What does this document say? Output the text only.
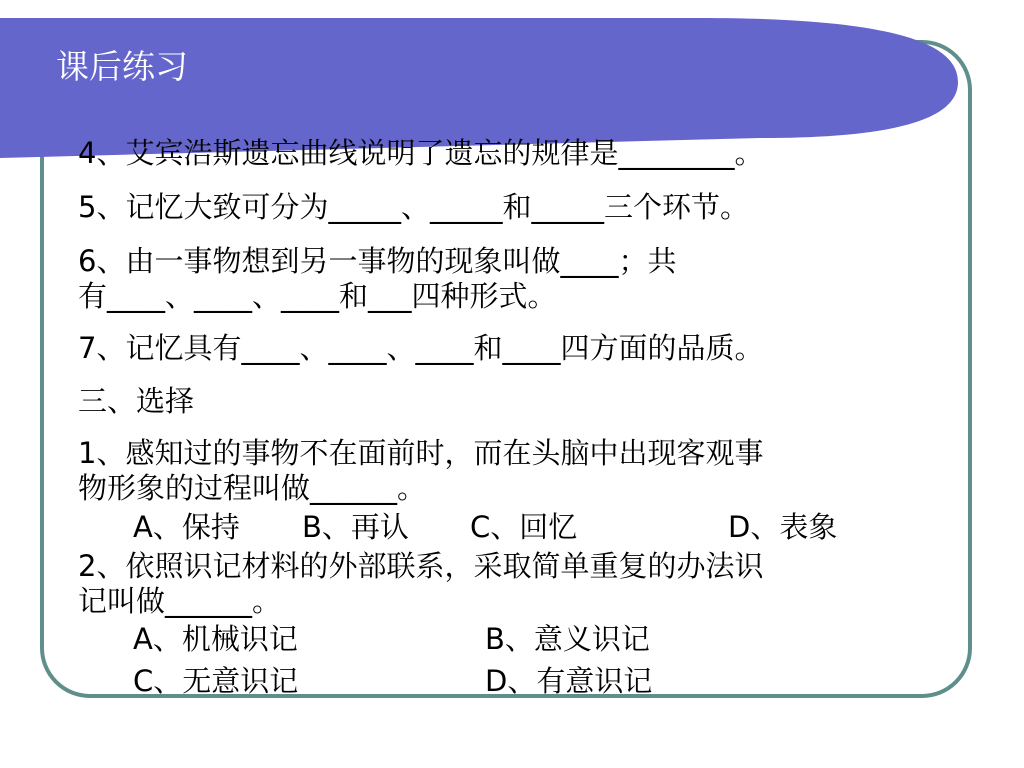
课后练习
4、艾宾浩斯遗忘曲线说明了遗忘的规律是________。
5、记忆大致可分为_____、_____和_____三个环节。
6、由一事物想到另一事物的现象叫做____；共
有____、____、____和___四种形式。
7、记忆具有____、____、____和____四方面的品质。
三、选择
1、感知过的事物不在面前时，而在头脑中出现客观事
物形象的过程叫做______。
A、保持 B、再认 C、回忆	D、表象
2、依照识记材料的外部联系，采取简单重复的办法识
记叫做______。
A、机械识记	B、意义识记
C、无意识记	D、有意识记
